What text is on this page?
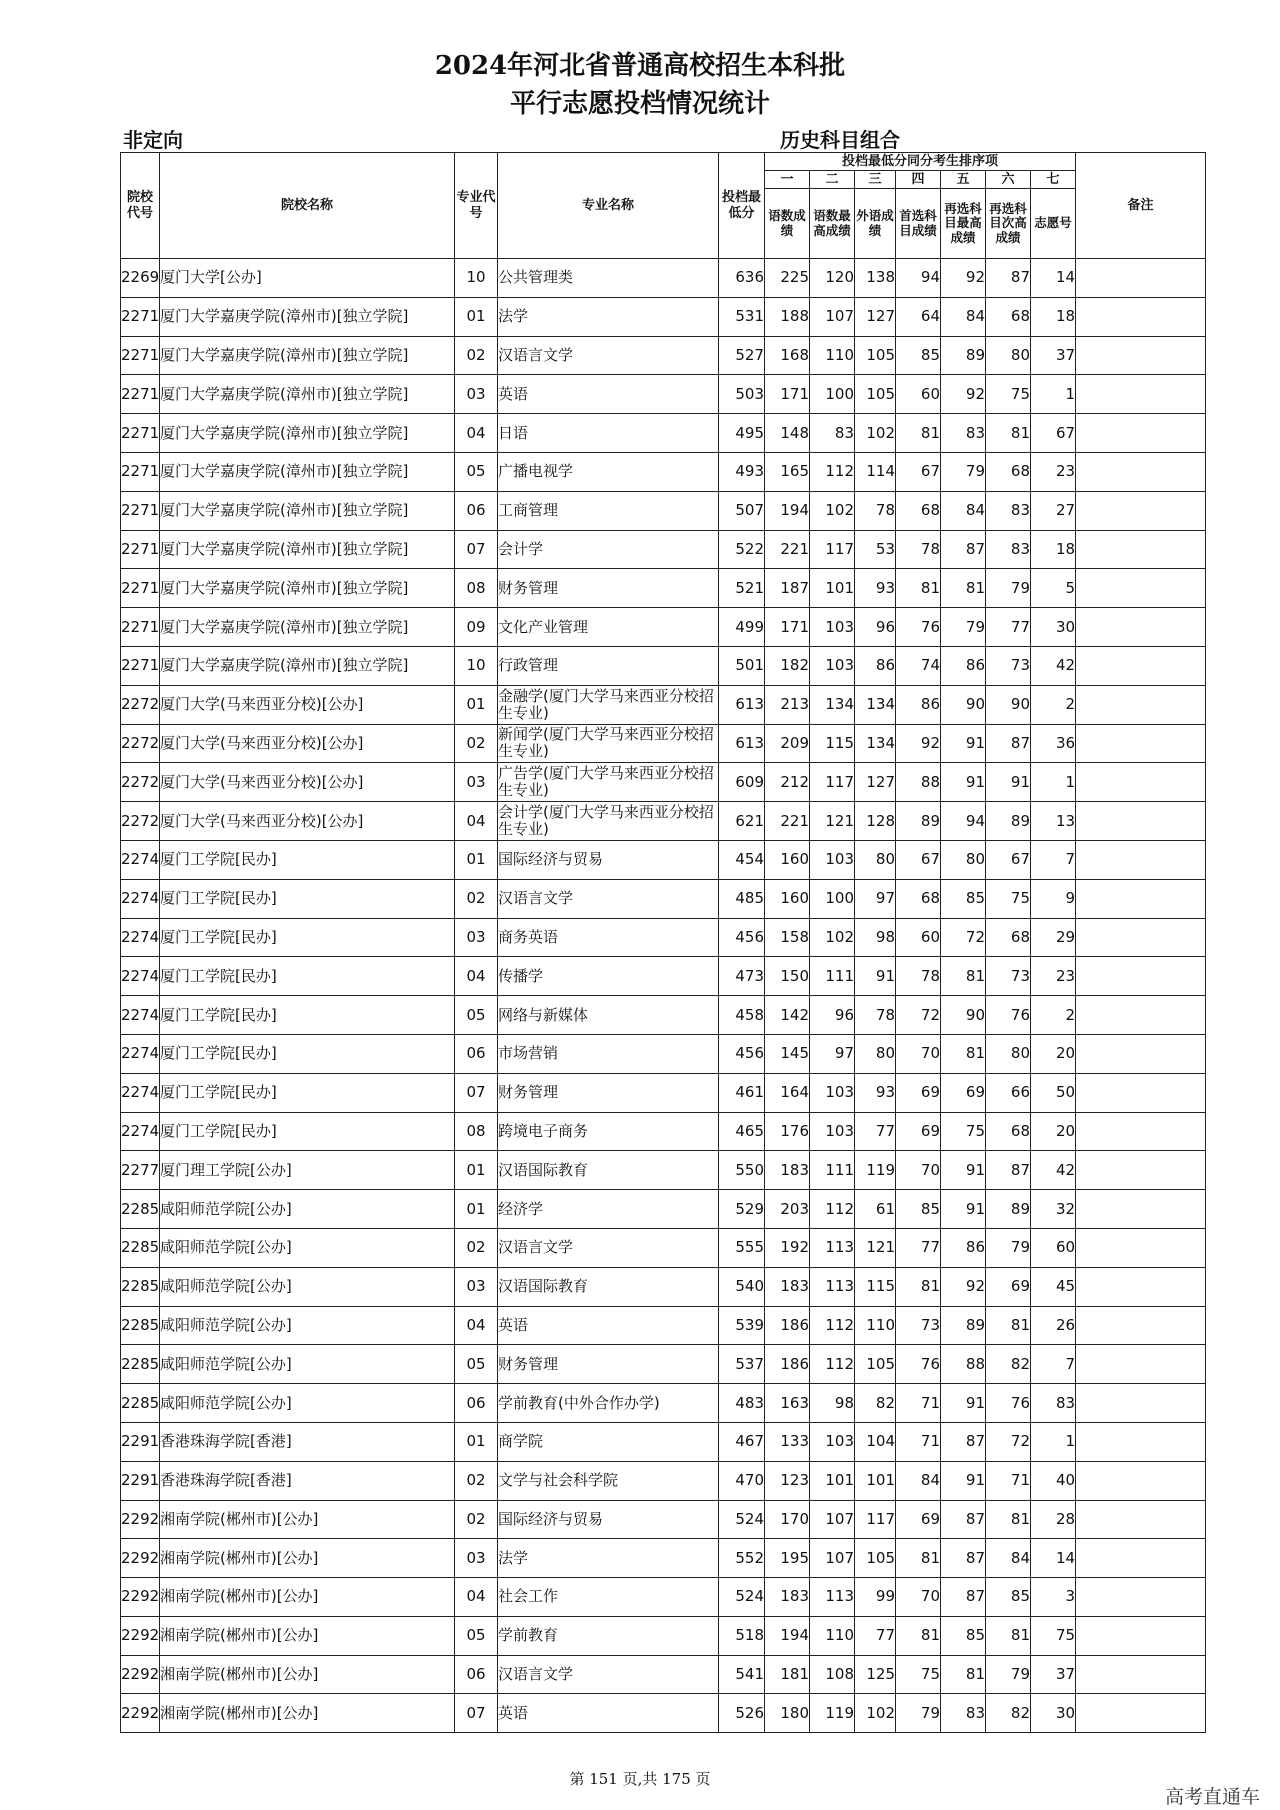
2024年河北省普通高校招生本科批
平行志愿投档情况统计
非定向	历史科目组合
院校代号	院校名称	专业代号	专业名称	投档最低分	投档最低分同分考生排序项							备注
					一	二	三	四	五	六	七	
					语数成绩	语数最高成绩	外语成绩	首选科目成绩	再选科目最高成绩	再选科目次高成绩	志愿号	
2269	厦门大学[公办]	10	公共管理类	636	225	120	138	94	92	87	14	
2271	厦门大学嘉庚学院(漳州市)[独立学院]	01	法学	531	188	107	127	64	84	68	18	
2271	厦门大学嘉庚学院(漳州市)[独立学院]	02	汉语言文学	527	168	110	105	85	89	80	37	
2271	厦门大学嘉庚学院(漳州市)[独立学院]	03	英语	503	171	100	105	60	92	75	1	
2271	厦门大学嘉庚学院(漳州市)[独立学院]	04	日语	495	148	83	102	81	83	81	67	
2271	厦门大学嘉庚学院(漳州市)[独立学院]	05	广播电视学	493	165	112	114	67	79	68	23	
2271	厦门大学嘉庚学院(漳州市)[独立学院]	06	工商管理	507	194	102	78	68	84	83	27	
2271	厦门大学嘉庚学院(漳州市)[独立学院]	07	会计学	522	221	117	53	78	87	83	18	
2271	厦门大学嘉庚学院(漳州市)[独立学院]	08	财务管理	521	187	101	93	81	81	79	5	
2271	厦门大学嘉庚学院(漳州市)[独立学院]	09	文化产业管理	499	171	103	96	76	79	77	30	
2271	厦门大学嘉庚学院(漳州市)[独立学院]	10	行政管理	501	182	103	86	74	86	73	42	
2272	厦门大学(马来西亚分校)[公办]	01	金融学(厦门大学马来西亚分校招生专业)	613	213	134	134	86	90	90	2	
2272	厦门大学(马来西亚分校)[公办]	02	新闻学(厦门大学马来西亚分校招生专业)	613	209	115	134	92	91	87	36	
2272	厦门大学(马来西亚分校)[公办]	03	广告学(厦门大学马来西亚分校招生专业)	609	212	117	127	88	91	91	1	
2272	厦门大学(马来西亚分校)[公办]	04	会计学(厦门大学马来西亚分校招生专业)	621	221	121	128	89	94	89	13	
2274	厦门工学院[民办]	01	国际经济与贸易	454	160	103	80	67	80	67	7	
2274	厦门工学院[民办]	02	汉语言文学	485	160	100	97	68	85	75	9	
2274	厦门工学院[民办]	03	商务英语	456	158	102	98	60	72	68	29	
2274	厦门工学院[民办]	04	传播学	473	150	111	91	78	81	73	23	
2274	厦门工学院[民办]	05	网络与新媒体	458	142	96	78	72	90	76	2	
2274	厦门工学院[民办]	06	市场营销	456	145	97	80	70	81	80	20	
2274	厦门工学院[民办]	07	财务管理	461	164	103	93	69	69	66	50	
2274	厦门工学院[民办]	08	跨境电子商务	465	176	103	77	69	75	68	20	
2277	厦门理工学院[公办]	01	汉语国际教育	550	183	111	119	70	91	87	42	
2285	咸阳师范学院[公办]	01	经济学	529	203	112	61	85	91	89	32	
2285	咸阳师范学院[公办]	02	汉语言文学	555	192	113	121	77	86	79	60	
2285	咸阳师范学院[公办]	03	汉语国际教育	540	183	113	115	81	92	69	45	
2285	咸阳师范学院[公办]	04	英语	539	186	112	110	73	89	81	26	
2285	咸阳师范学院[公办]	05	财务管理	537	186	112	105	76	88	82	7	
2285	咸阳师范学院[公办]	06	学前教育(中外合作办学)	483	163	98	82	71	91	76	83	
2291	香港珠海学院[香港]	01	商学院	467	133	103	104	71	87	72	1	
2291	香港珠海学院[香港]	02	文学与社会科学院	470	123	101	101	84	91	71	40	
2292	湘南学院(郴州市)[公办]	02	国际经济与贸易	524	170	107	117	69	87	81	28	
2292	湘南学院(郴州市)[公办]	03	法学	552	195	107	105	81	87	84	14	
2292	湘南学院(郴州市)[公办]	04	社会工作	524	183	113	99	70	87	85	3	
2292	湘南学院(郴州市)[公办]	05	学前教育	518	194	110	77	81	85	81	75	
2292	湘南学院(郴州市)[公办]	06	汉语言文学	541	181	108	125	75	81	79	37	
2292	湘南学院(郴州市)[公办]	07	英语	526	180	119	102	79	83	82	30	
第 151 页,共 175 页
高考直通车
